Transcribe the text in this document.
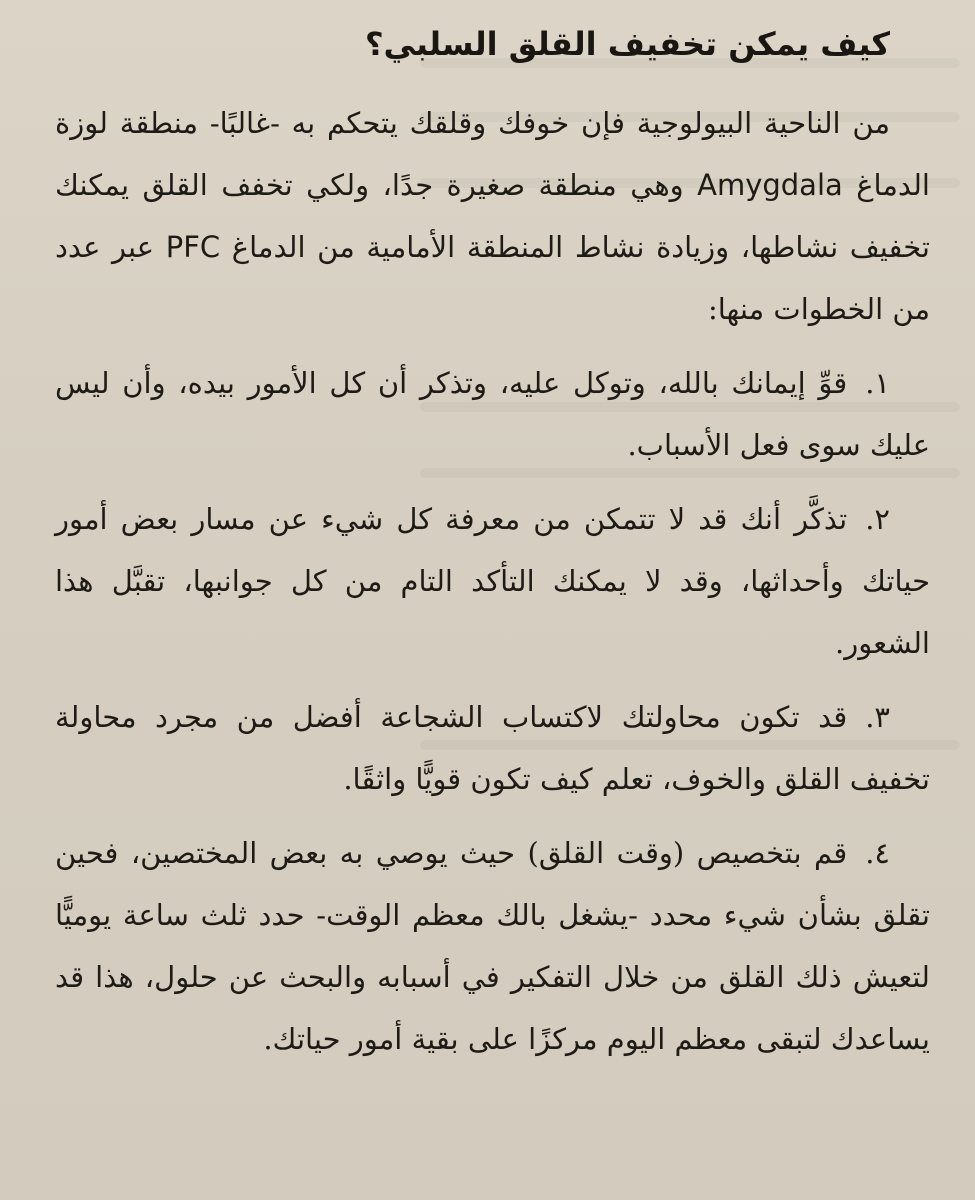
كيف يمكن تخفيف القلق السلبي؟

من الناحية البيولوجية فإن خوفك وقلقك يتحكم به -غالبًا- منطقة لوزة الدماغ Amygdala وهي منطقة صغيرة جدًا، ولكي تخفف القلق يمكنك تخفيف نشاطها، وزيادة نشاط المنطقة الأمامية من الدماغ PFC عبر عدد من الخطوات منها:

١.قوِّ إيمانك بالله، وتوكل عليه، وتذكر أن كل الأمور بيده، وأن ليس عليك سوى فعل الأسباب.
٢.تذكَّر أنك قد لا تتمكن من معرفة كل شيء عن مسار بعض أمور حياتك وأحداثها، وقد لا يمكنك التأكد التام من كل جوانبها، تقبَّل هذا الشعور.
٣.قد تكون محاولتك لاكتساب الشجاعة أفضل من مجرد محاولة تخفيف القلق والخوف، تعلم كيف تكون قويًّا واثقًا.
٤.قم بتخصيص (وقت القلق) حيث يوصي به بعض المختصين، فحين تقلق بشأن شيء محدد -يشغل بالك معظم الوقت- حدد ثلث ساعة يوميًّا لتعيش ذلك القلق من خلال التفكير في أسبابه والبحث عن حلول، هذا قد يساعدك لتبقى معظم اليوم مركزًا على بقية أمور حياتك.
